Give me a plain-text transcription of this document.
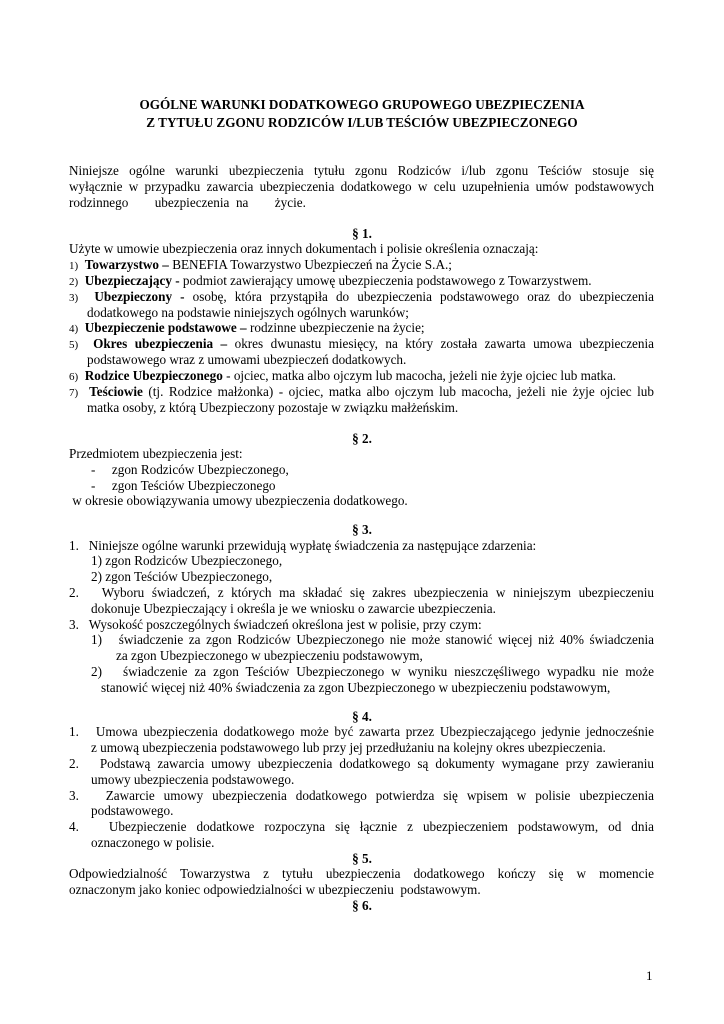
OGÓLNE WARUNKI DODATKOWEGO GRUPOWEGO UBEZPIECZENIA
Z TYTUŁU ZGONU RODZICÓW I/LUB TEŚCIÓW UBEZPIECZONEGO
Niniejsze ogólne warunki ubezpieczenia tytułu zgonu Rodziców i/lub zgonu Teściów stosuje się
wyłącznie w przypadku zawarcia ubezpieczenia dodatkowego w celu uzupełnienia umów podstawowych
rodzinnego        ubezpieczenia  na        życie.
§ 1.
Użyte w umowie ubezpieczenia oraz innych dokumentach i polisie określenia oznaczają:
1) Towarzystwo – BENEFIA Towarzystwo Ubezpieczeń na Życie S.A.;
2) Ubezpieczający - podmiot zawierający umowę ubezpieczenia podstawowego z Towarzystwem.
3) Ubezpieczony - osobę, która przystąpiła do ubezpieczenia podstawowego oraz do ubezpieczenia
dodatkowego na podstawie niniejszych ogólnych warunków;
4) Ubezpieczenie podstawowe – rodzinne ubezpieczenie na życie;
5) Okres ubezpieczenia – okres dwunastu miesięcy, na który została zawarta umowa ubezpieczenia
podstawowego wraz z umowami ubezpieczeń dodatkowych.
6) Rodzice Ubezpieczonego - ojciec, matka albo ojczym lub macocha, jeżeli nie żyje ojciec lub matka.
7) Teściowie (tj. Rodzice małżonka) - ojciec, matka albo ojczym lub macocha, jeżeli nie żyje ojciec lub
matka osoby, z którą Ubezpieczony pozostaje w związku małżeńskim.
§ 2.
Przedmiotem ubezpieczenia jest:
-     zgon Rodziców Ubezpieczonego,
-     zgon Teściów Ubezpieczonego
w okresie obowiązywania umowy ubezpieczenia dodatkowego.
§ 3.
1.   Niniejsze ogólne warunki przewidują wypłatę świadczenia za następujące zdarzenia:
1) zgon Rodziców Ubezpieczonego,
2) zgon Teściów Ubezpieczonego,
2.   Wyboru świadczeń, z których ma składać się zakres ubezpieczenia w niniejszym ubezpieczeniu
dokonuje Ubezpieczający i określa je we wniosku o zawarcie ubezpieczenia.
3.   Wysokość poszczególnych świadczeń określona jest w polisie, przy czym:
1)   świadczenie za zgon Rodziców Ubezpieczonego nie może stanowić więcej niż 40% świadczenia
za zgon Ubezpieczonego w ubezpieczeniu podstawowym,
2)   świadczenie za zgon Teściów Ubezpieczonego w wyniku nieszczęśliwego wypadku nie może
stanowić więcej niż 40% świadczenia za zgon Ubezpieczonego w ubezpieczeniu podstawowym,
§ 4.
1.   Umowa ubezpieczenia dodatkowego może być zawarta przez Ubezpieczającego jedynie jednocześnie
z umową ubezpieczenia podstawowego lub przy jej przedłużaniu na kolejny okres ubezpieczenia.
2.   Podstawą zawarcia umowy ubezpieczenia dodatkowego są dokumenty wymagane przy zawieraniu
umowy ubezpieczenia podstawowego.
3.   Zawarcie umowy ubezpieczenia dodatkowego potwierdza się wpisem w polisie ubezpieczenia
podstawowego.
4.   Ubezpieczenie dodatkowe rozpoczyna się łącznie z ubezpieczeniem podstawowym, od dnia
oznaczonego w polisie.
§ 5.
Odpowiedzialność Towarzystwa z tytułu ubezpieczenia dodatkowego kończy się w momencie
oznaczonym jako koniec odpowiedzialności w ubezpieczeniu  podstawowym.
§ 6.
1
